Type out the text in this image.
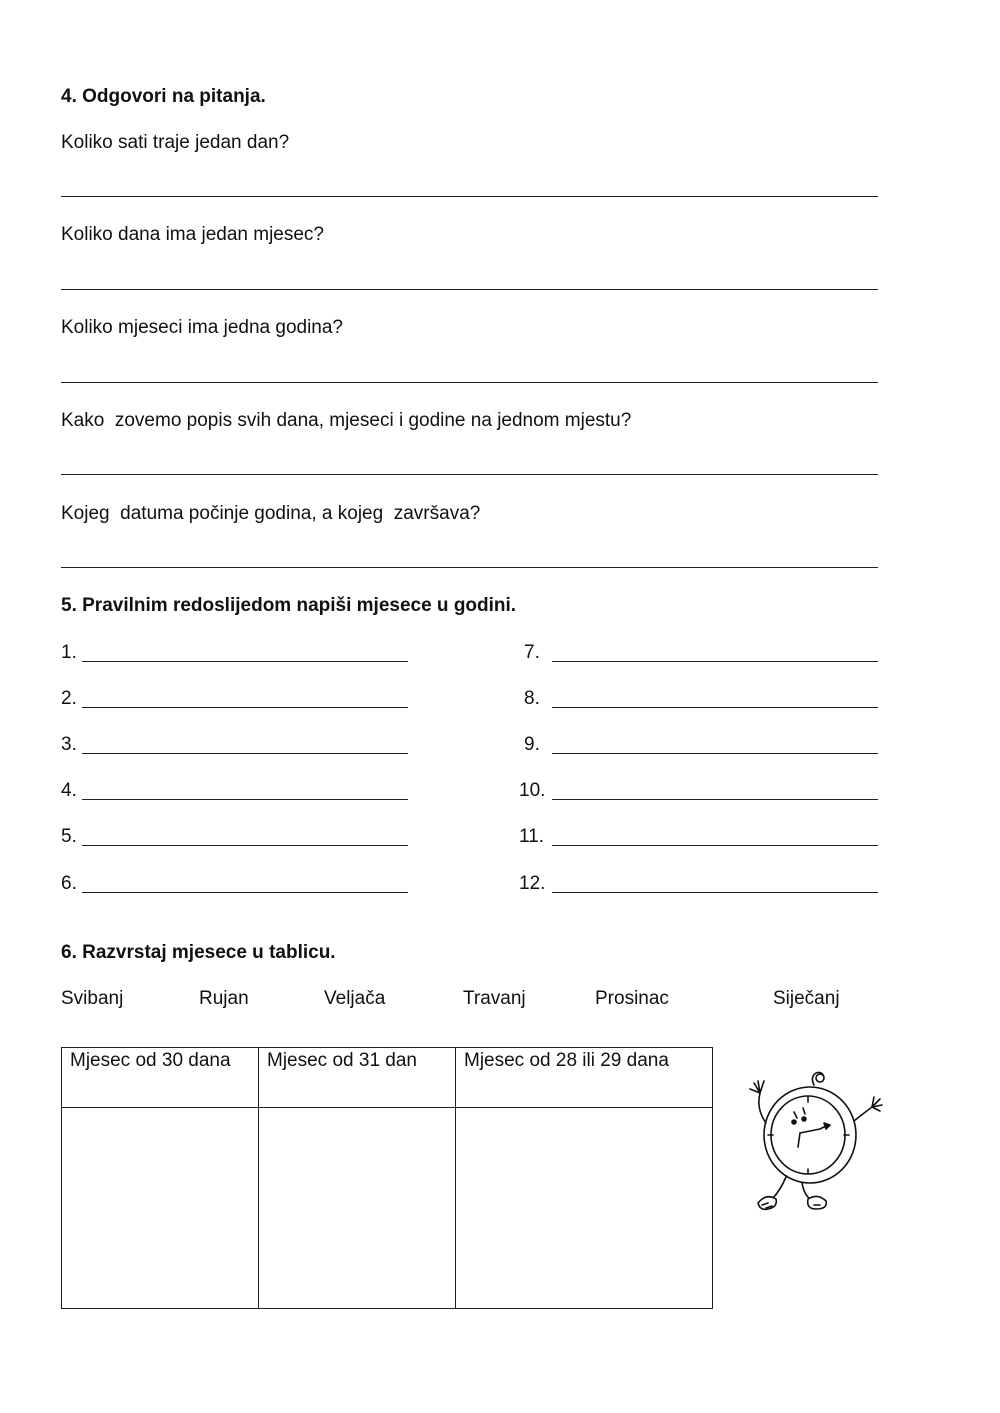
4. Odgovori na pitanja.
Koliko sati traje jedan dan?
Koliko dana ima jedan mjesec?
Koliko mjeseci ima jedna godina?
Kako  zovemo popis svih dana, mjeseci i godine na jednom mjestu?
Kojeg  datuma počinje godina, a kojeg  završava?
5. Pravilnim redoslijedom napiši mjesece u godini.
1.
2.
3.
4.
5.
6.
7.
8.
9.
10.
11.
12.
6. Razvrstaj mjesece u tablicu.
Svibanj	Rujan	Veljača	Travanj	Prosinac	Siječanj
Mjesec od 30 dana	Mjesec od 31 dan	Mjesec od 28 ili 29 dana
